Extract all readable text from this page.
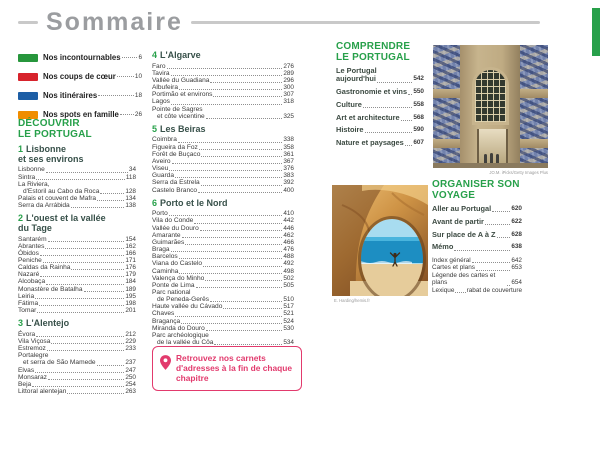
Sommaire
Nos incontournables	6
Nos coups de cœur	10
Nos itinéraires	18
Nos spots en famille	26
DÉCOUVRIR
LE PORTUGAL
1 Lisbonne
et ses environs
Lisbonne	34
Sintra	118
La Riviera,
d'Estoril au Cabo da Roca	128
Palais et couvent de Mafra	134
Serra da Arrábida	138
2 L'ouest et la vallée
du Tage
Santarém	154
Abrantes	162
Óbidos	166
Peniche	171
Caldas da Rainha	176
Nazaré	179
Alcobaça	184
Monastère de Batalha	189
Leiria	195
Fátima	198
Tomar	201
3 L'Alentejo
Évora	212
Vila Viçosa	229
Estremoz	233
Portalegre
et serra de São Mamede	237
Elvas	247
Monsaraz	250
Beja	254
Littoral alentejan	263
4 L'Algarve
Faro	276
Tavira	289
Vallée du Guadiana	296
Albufeira	300
Portimão et environs	307
Lagos	318
Pointe de Sagres
et côte vicentine	325
5 Les Beiras
Coimbra	338
Figueira da Foz	358
Forêt de Buçaco	361
Aveiro	367
Viseu	376
Guarda	383
Serra da Estrela	392
Castelo Branco	400
6 Porto et le Nord
Porto	410
Vila do Conde	442
Vallée du Douro	446
Amarante	462
Guimarães	466
Braga	476
Barcelos	488
Viana do Castelo	492
Caminha	498
Valença do Minho	502
Ponte de Lima	505
Parc national
de Peneda-Gerês	510
Haute vallée du Cávado	517
Chaves	521
Bragança	524
Miranda do Douro	530
Parc archéologique
de la vallée du Côa	534
COMPRENDRE
LE PORTUGAL
Le Portugal
aujourd'hui	542
Gastronomie et vins 550
Culture	558
Art et architecture 568
Histoire	590
Nature et paysages 607
ORGANISER SON
VOYAGE
Aller au Portugal	620
Avant de partir	622
Sur place de A à Z 628
Mémo	638
Index général	642
Cartes et plans	653
Légende des cartes et plans	654
Lexique rabat de couverture
Retrouvez nos carnets d'adresses à la fin de chaque chapitre
JO.M. iPicks/Getty Images Plus
E. Harding/hemis.fr
